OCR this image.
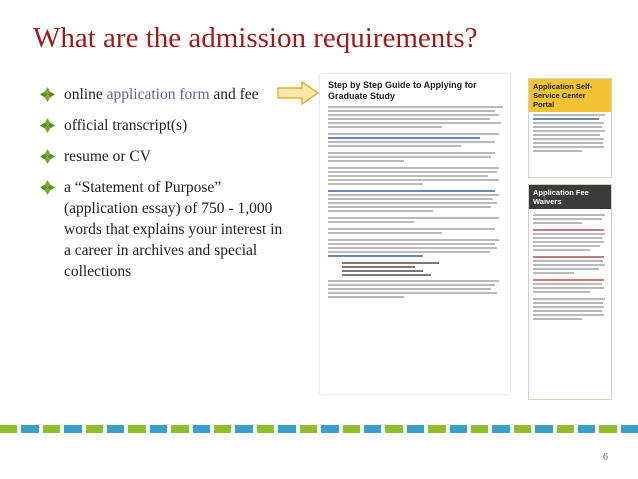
What are the admission requirements?
online application form and fee
official transcript(s)
resume or CV
a “Statement of Purpose” (application essay) of 750 - 1,000 words that explains your interest in a career in archives and special collections
Step by Step Guide to Applying for Graduate Study
Application Self- Service Center Portal
Application Fee Waivers
6
